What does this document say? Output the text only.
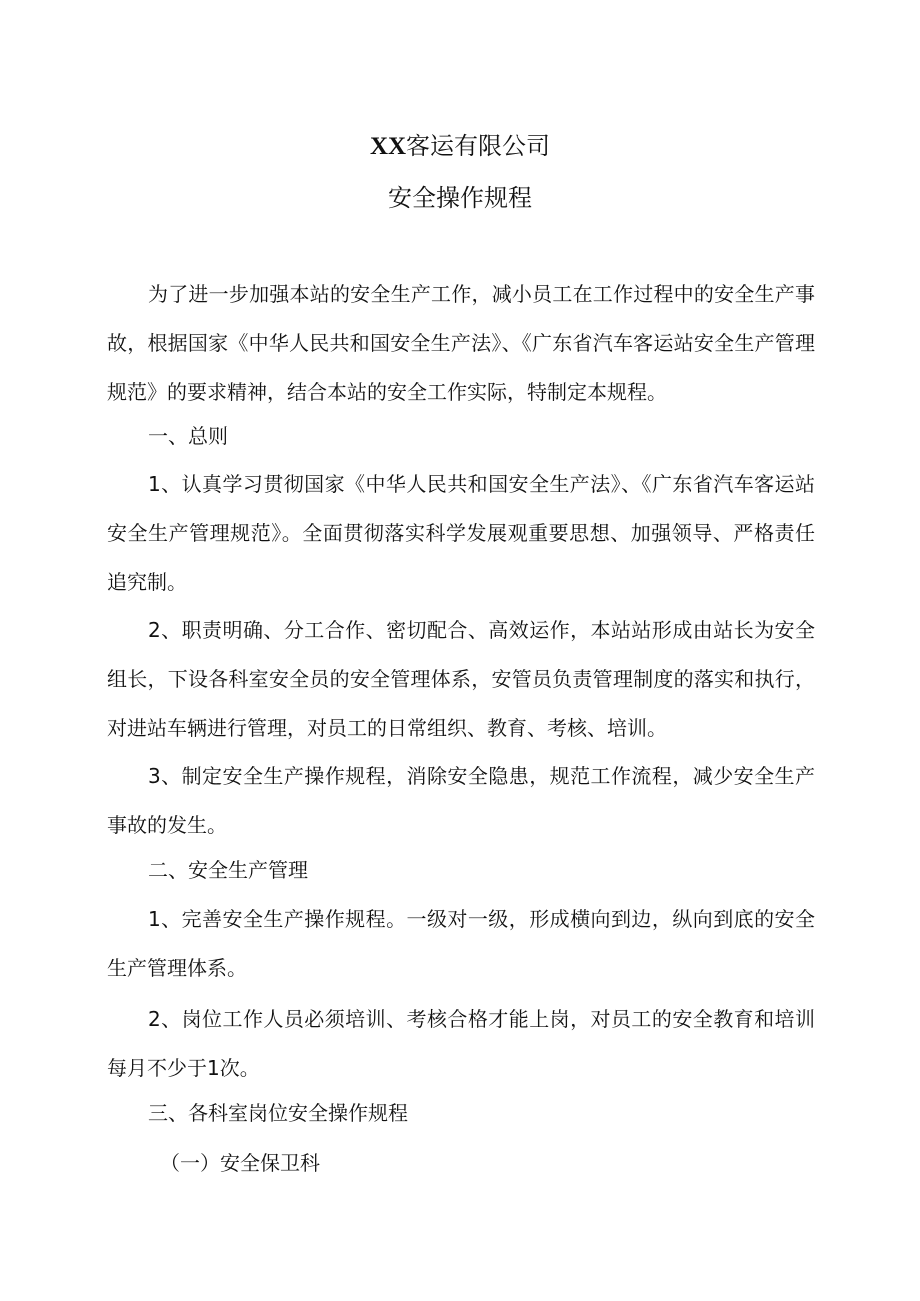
XX客运有限公司
安全操作规程

为了进一步加强本站的安全生产工作，减小员工在工作过程中的安全生产事故，根据国家《中华人民共和国安全生产法》、《广东省汽车客运站安全生产管理规范》的要求精神，结合本站的安全工作实际，特制定本规程。

一、总则

1、认真学习贯彻国家《中华人民共和国安全生产法》、《广东省汽车客运站安全生产管理规范》。全面贯彻落实科学发展观重要思想、加强领导、严格责任追究制。

2、职责明确、分工合作、密切配合、高效运作，本站站形成由站长为安全组长，下设各科室安全员的安全管理体系，安管员负责管理制度的落实和执行，对进站车辆进行管理，对员工的日常组织、教育、考核、培训。

3、制定安全生产操作规程，消除安全隐患，规范工作流程，减少安全生产事故的发生。

二、安全生产管理

1、完善安全生产操作规程。一级对一级，形成横向到边，纵向到底的安全生产管理体系。

2、岗位工作人员必须培训、考核合格才能上岗，对员工的安全教育和培训每月不少于1次。

三、各科室岗位安全操作规程

（一）安全保卫科
